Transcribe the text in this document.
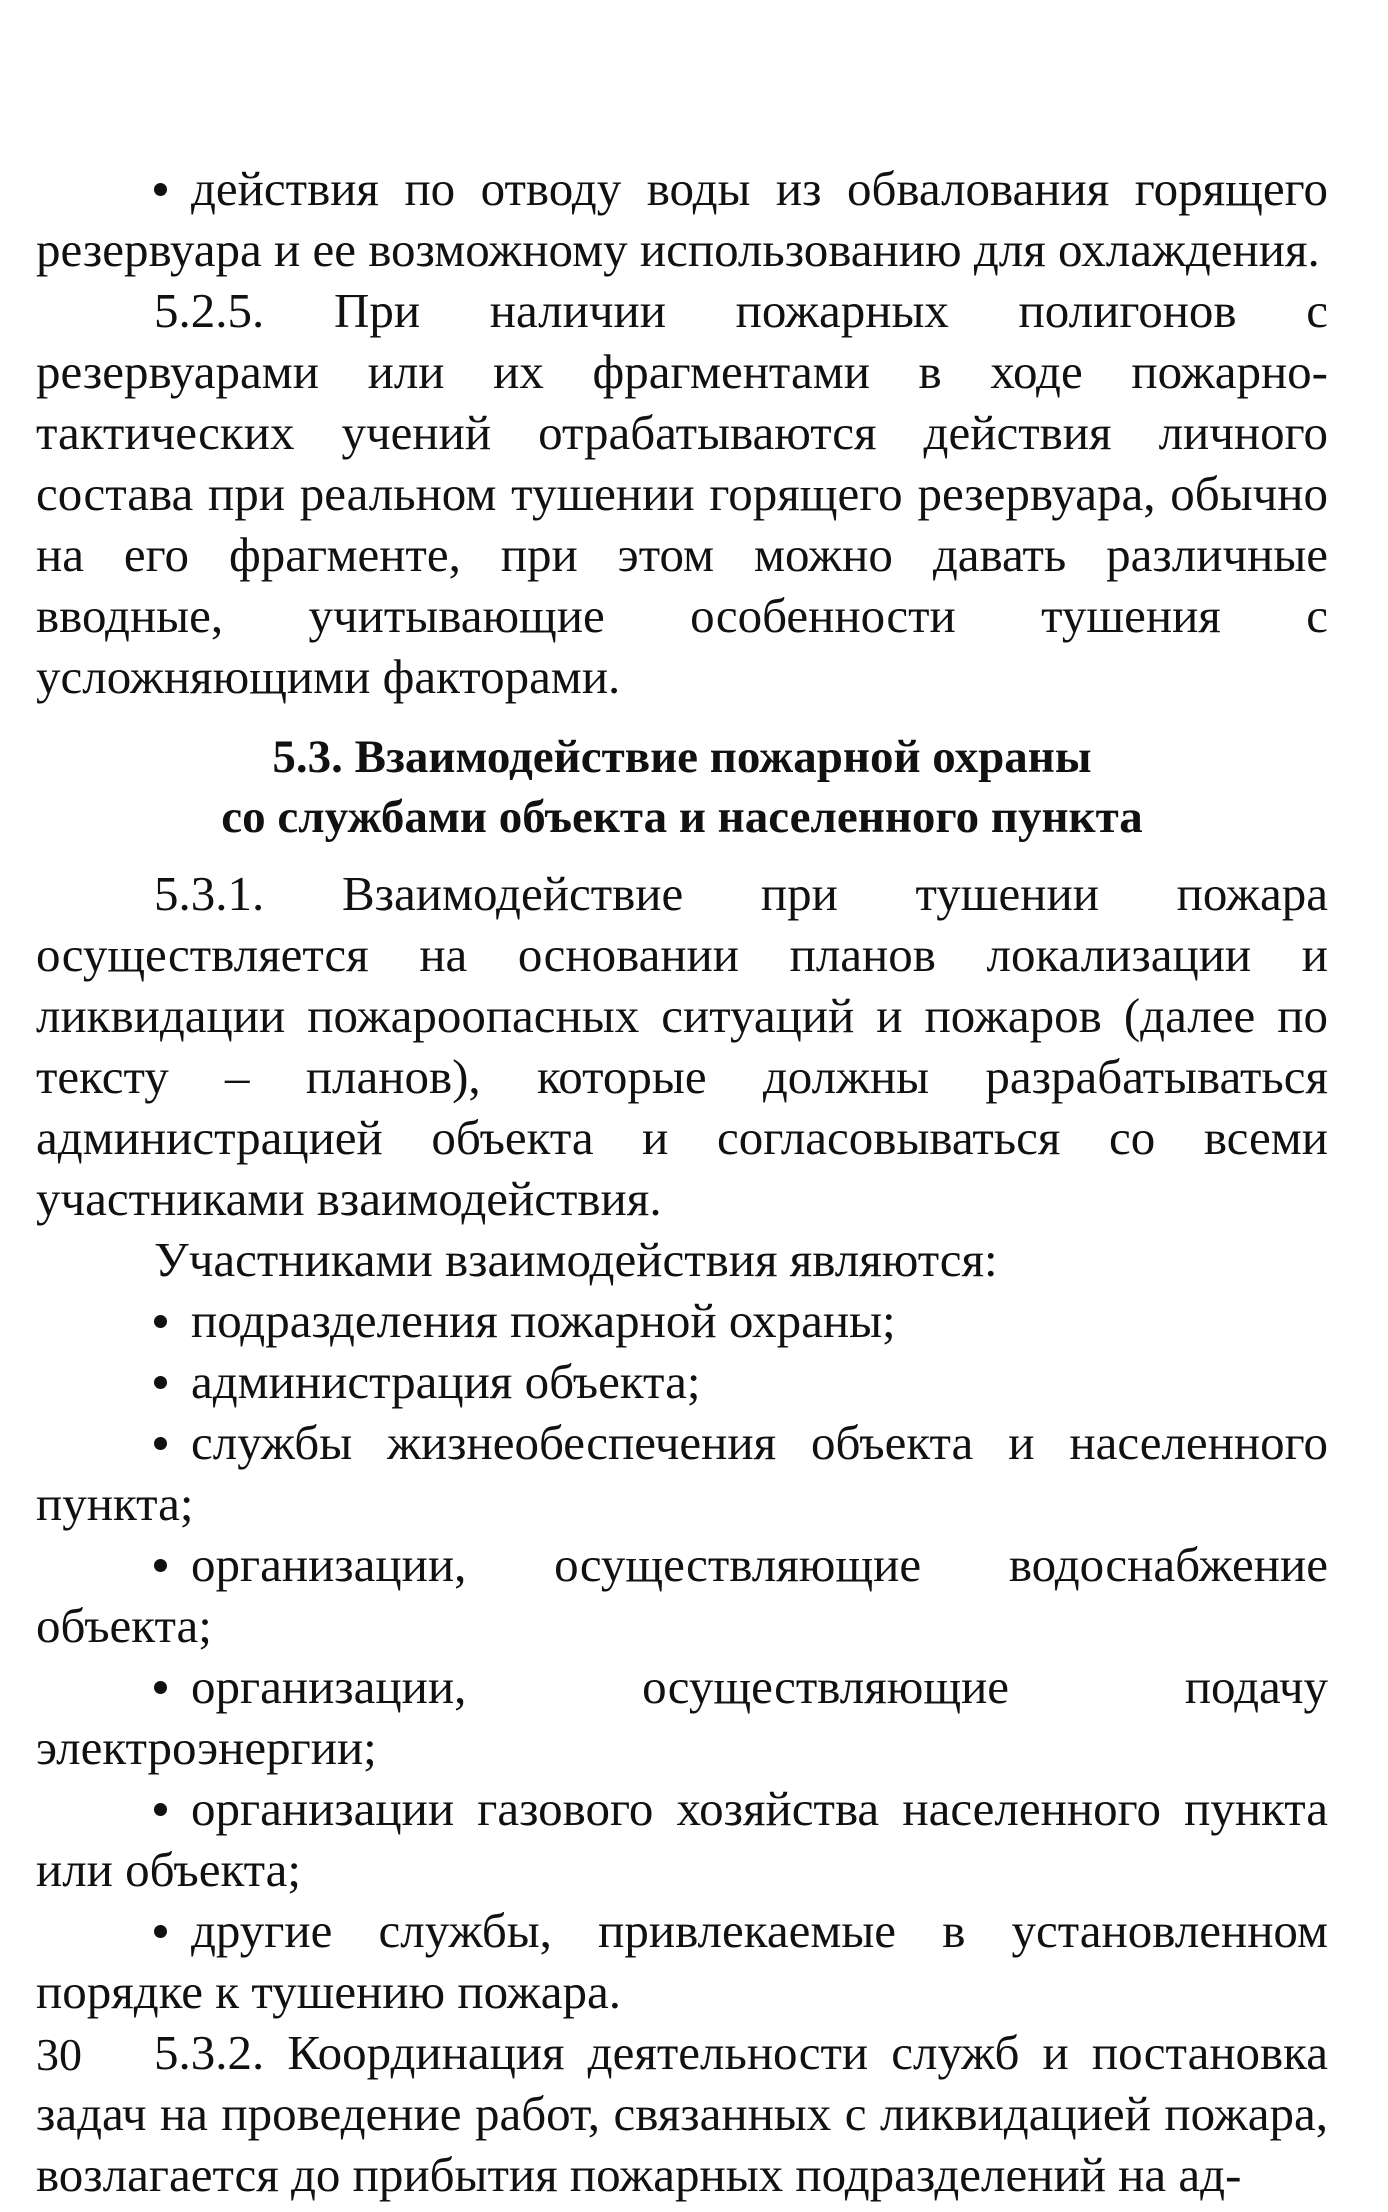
действия по отводу воды из обвалования горящего резервуара и ее возможному использованию для охлаждения.

5.2.5. При наличии пожарных полигонов с резервуарами или их фрагментами в ходе пожарно-тактических учений отрабатываются действия личного состава при реальном тушении горящего резервуара, обычно на его фрагменте, при этом можно давать различные вводные, учитывающие особенности тушения с усложняющими факторами.

5.3. Взаимодействие пожарной охраны
со службами объекта и населенного пункта

5.3.1. Взаимодействие при тушении пожара осуществляется на основании планов локализации и ликвидации пожароопасных ситуаций и пожаров (далее по тексту – планов), которые должны разрабатываться администрацией объекта и согласовываться со всеми участниками взаимодействия.

Участниками взаимодействия являются:

подразделения пожарной охраны;

администрация объекта;

службы жизнеобеспечения объекта и населенного пункта;

организации, осуществляющие водоснабжение объекта;

организации, осуществляющие подачу электроэнергии;

организации газового хозяйства населенного пункта или объекта;

другие службы, привлекаемые в установленном порядке к тушению пожара.

5.3.2. Координация деятельности служб и постановка задач на проведение работ, связанных с ликвидацией пожара, возлагается до прибытия пожарных подразделений на ад-

30
